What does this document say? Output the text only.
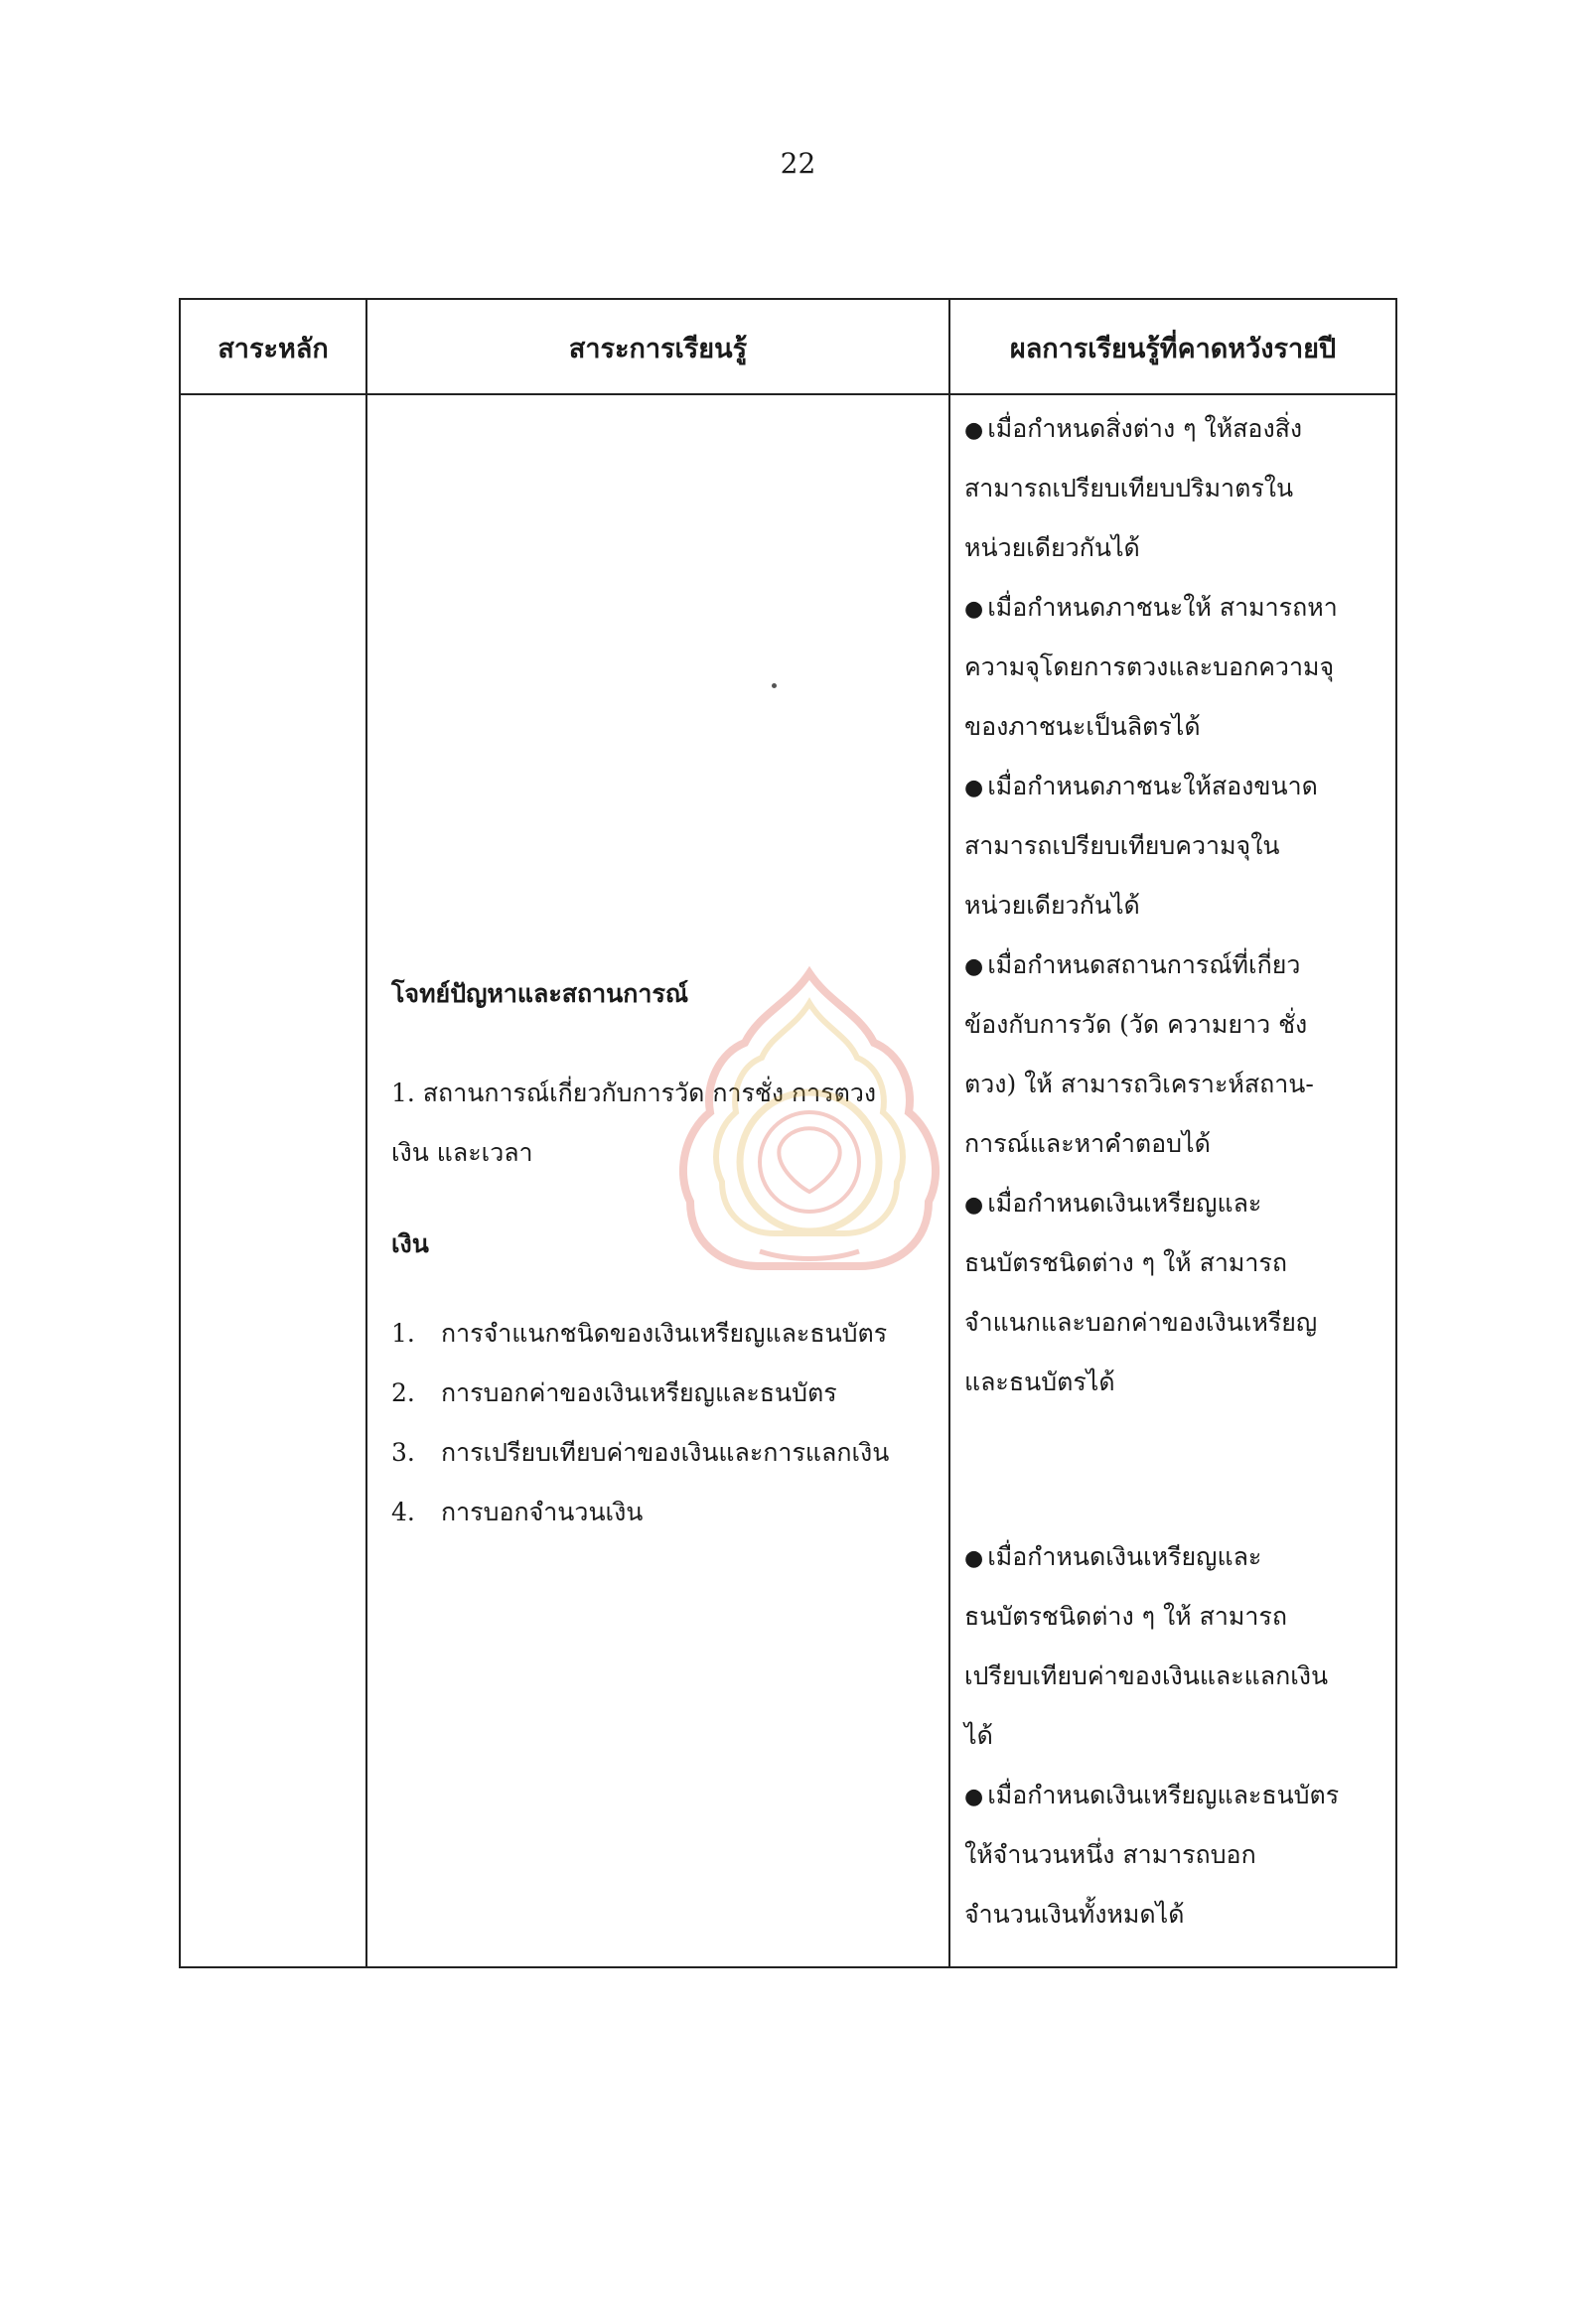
22
สาระหลัก	สาระการเรียนรู้	ผลการเรียนรู้ที่คาดหวังรายปี
โจทย์ปัญหาและสถานการณ์
1. สถานการณ์เกี่ยวกับการวัด การชั่ง การตวง
เงิน และเวลา
เงิน
1. การจำแนกชนิดของเงินเหรียญและธนบัตร
2. การบอกค่าของเงินเหรียญและธนบัตร
3. การเปรียบเทียบค่าของเงินและการแลกเงิน
4. การบอกจำนวนเงิน
● เมื่อกำหนดสิ่งต่าง ๆ ให้สองสิ่ง
สามารถเปรียบเทียบปริมาตรใน
หน่วยเดียวกันได้
● เมื่อกำหนดภาชนะให้ สามารถหา
ความจุโดยการตวงและบอกความจุ
ของภาชนะเป็นลิตรได้
● เมื่อกำหนดภาชนะให้สองขนาด
สามารถเปรียบเทียบความจุใน
หน่วยเดียวกันได้
● เมื่อกำหนดสถานการณ์ที่เกี่ยว
ข้องกับการวัด (วัด ความยาว ชั่ง
ตวง) ให้ สามารถวิเคราะห์สถาน-
การณ์และหาคำตอบได้
● เมื่อกำหนดเงินเหรียญและ
ธนบัตรชนิดต่าง ๆ ให้ สามารถ
จำแนกและบอกค่าของเงินเหรียญ
และธนบัตรได้
● เมื่อกำหนดเงินเหรียญและ
ธนบัตรชนิดต่าง ๆ ให้ สามารถ
เปรียบเทียบค่าของเงินและแลกเงิน
ได้
● เมื่อกำหนดเงินเหรียญและธนบัตร
ให้จำนวนหนึ่ง สามารถบอก
จำนวนเงินทั้งหมดได้
